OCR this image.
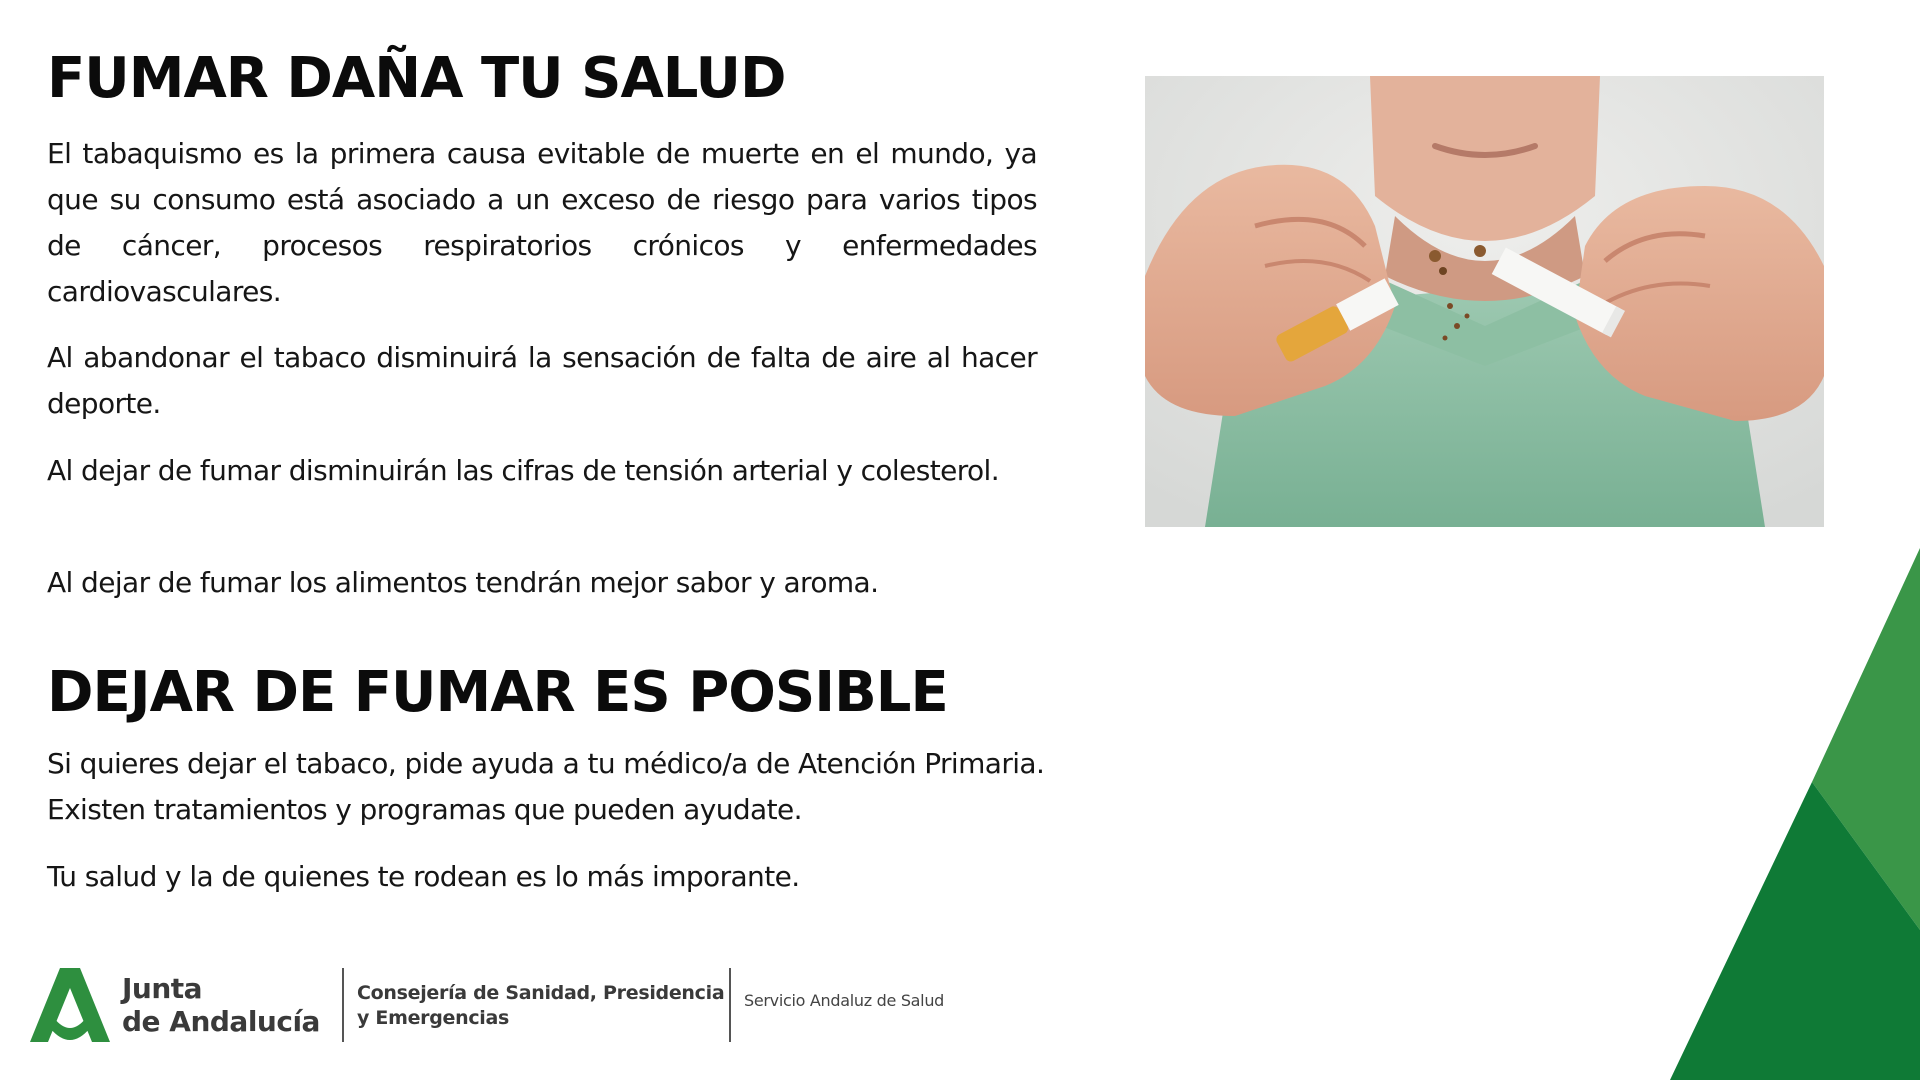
FUMAR DAÑA TU SALUD

El tabaquismo es la primera causa evitable de muerte en el mundo, ya que su consumo está asociado a un exceso de riesgo para varios tipos de cáncer, procesos respiratorios crónicos y enfermedades cardiovasculares.

Al abandonar el tabaco disminuirá la sensación de falta de aire al hacer deporte.

Al dejar de fumar disminuirán las cifras de tensión arterial y colesterol.

Al dejar de fumar los alimentos tendrán mejor sabor y aroma.

DEJAR DE FUMAR ES POSIBLE

Si quieres dejar el tabaco, pide ayuda a tu médico/a de Atención Primaria.
Existen tratamientos y programas que pueden ayudate.

Tu salud y la de quienes te rodean es lo más imporante.

Junta
de Andalucía
Consejería de Sanidad, Presidencia
y Emergencias
Servicio Andaluz de Salud
